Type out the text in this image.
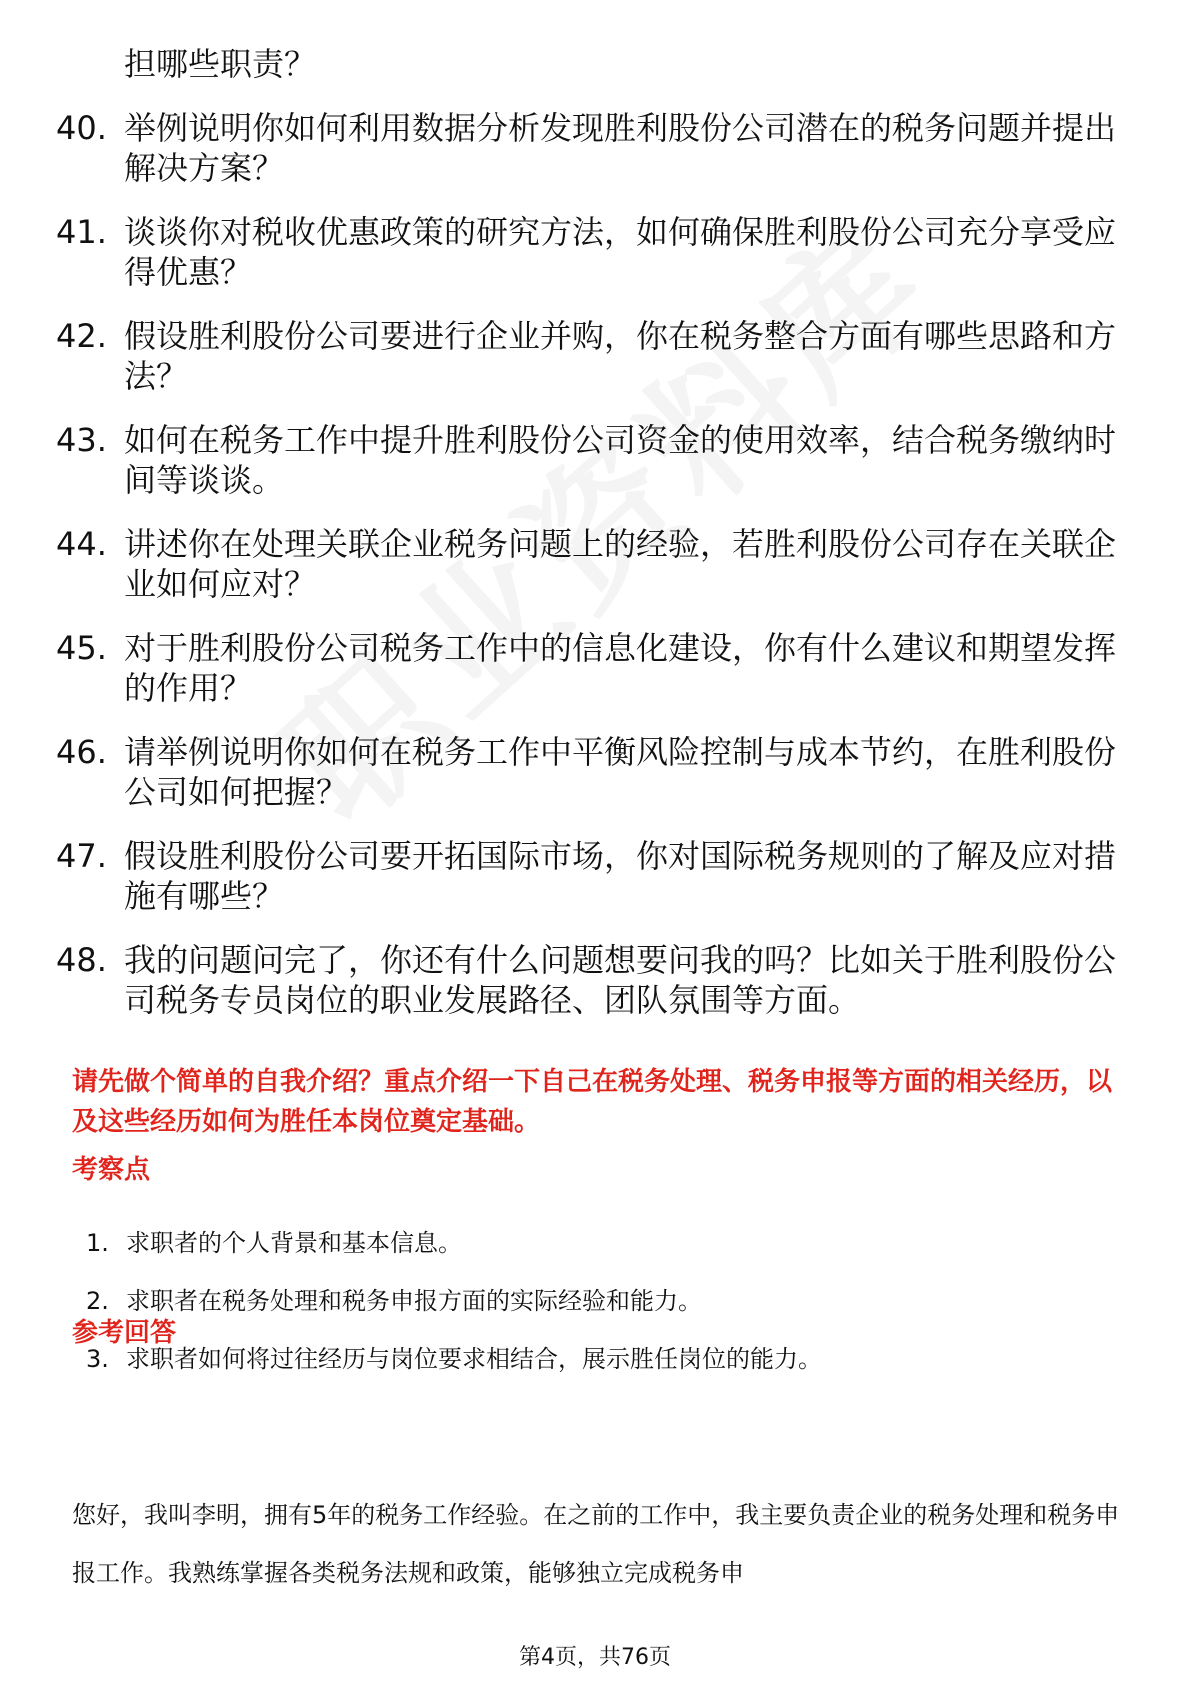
担哪些职责？
40. 举例说明你如何利用数据分析发现胜利股份公司潜在的税务问题并提出解决方案？
41. 谈谈你对税收优惠政策的研究方法，如何确保胜利股份公司充分享受应得优惠？
42. 假设胜利股份公司要进行企业并购，你在税务整合方面有哪些思路和方法？
43. 如何在税务工作中提升胜利股份公司资金的使用效率，结合税务缴纳时间等谈谈。
44. 讲述你在处理关联企业税务问题上的经验，若胜利股份公司存在关联企业如何应对？
45. 对于胜利股份公司税务工作中的信息化建设，你有什么建议和期望发挥的作用？
46. 请举例说明你如何在税务工作中平衡风险控制与成本节约，在胜利股份公司如何把握？
47. 假设胜利股份公司要开拓国际市场，你对国际税务规则的了解及应对措施有哪些？
48. 我的问题问完了，你还有什么问题想要问我的吗？比如关于胜利股份公司税务专员岗位的职业发展路径、团队氛围等方面。

请先做个简单的自我介绍？重点介绍一下自己在税务处理、税务申报等方面的相关经历，以及这些经历如何为胜任本岗位奠定基础。

考察点
1. 求职者的个人背景和基本信息。
2. 求职者在税务处理和税务申报方面的实际经验和能力。
3. 求职者如何将过往经历与岗位要求相结合，展示胜任岗位的能力。
参考回答

您好，我叫李明，拥有5年的税务工作经验。在之前的工作中，我主要负责企业的税务处理和税务申报工作。我熟练掌握各类税务法规和政策，能够独立完成税务申

第4页，共76页
